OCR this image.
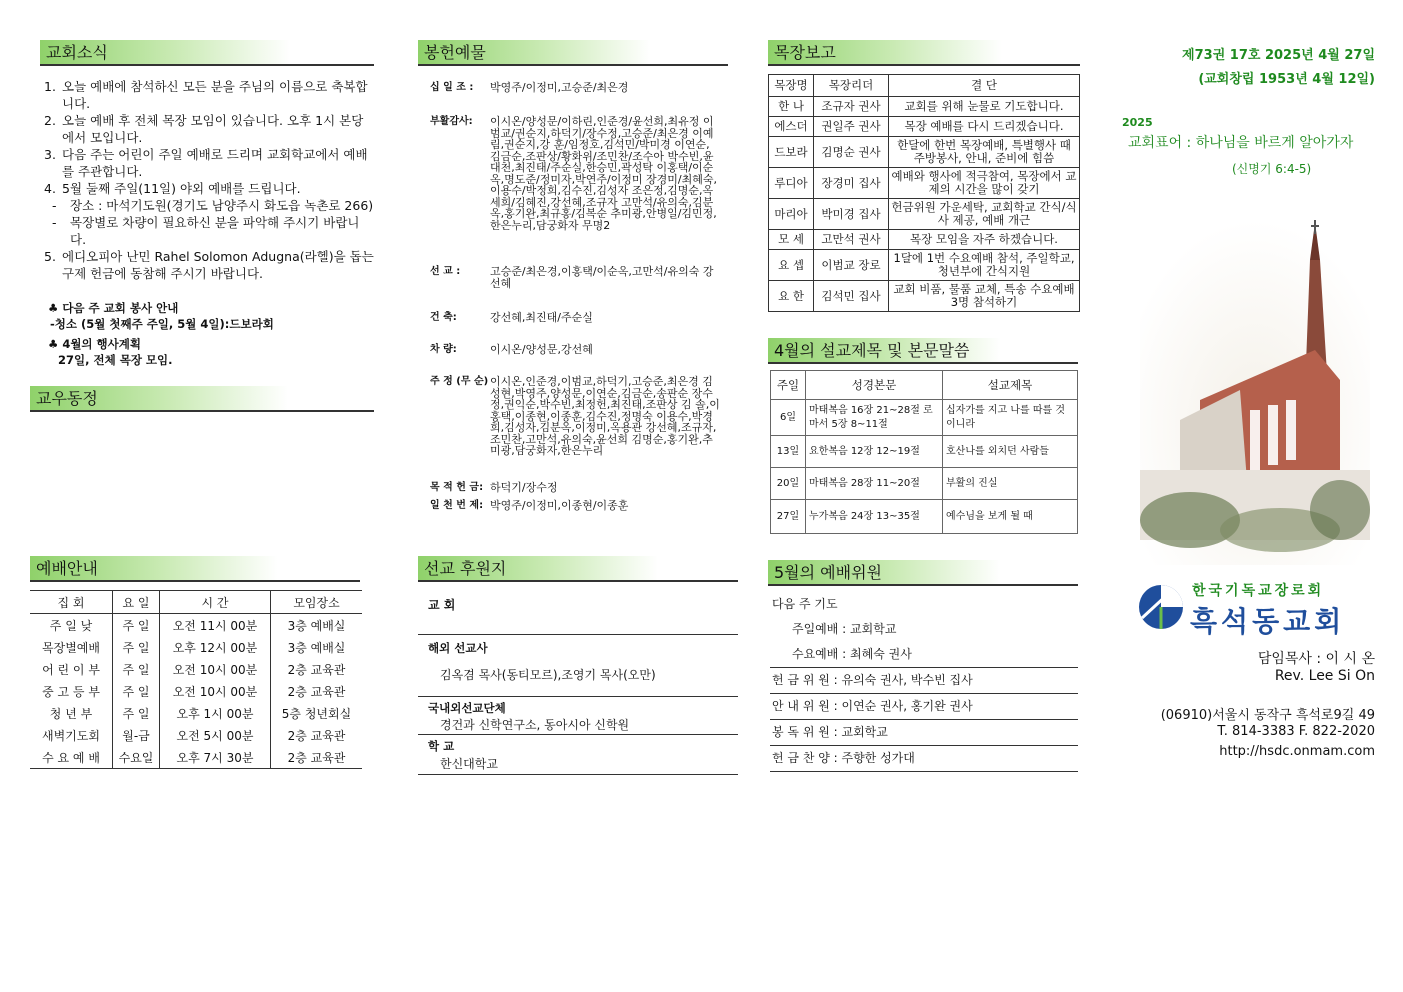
교회소식
1. 오늘 예배에 참석하신 모든 분을 주님의 이름으로 축복합니다.
2. 오늘 예배 후 전체 목장 모임이 있습니다. 오후 1시 본당에서 모입니다.
3. 다음 주는 어린이 주일 예배로 드리며 교회학교에서 예배를 주관합니다.
4. 5월 둘째 주일(11일) 야외 예배를 드립니다.
-	장소 : 마석기도원(경기도 남양주시 화도읍 녹촌로 266)
-	목장별로 차량이 필요하신 분을 파악해 주시기 바랍니다.
5. 에디오피아 난민 Rahel Solomon Adugna(라헬)을 돕는 구제 헌금에 동참해 주시기 바랍니다.
♣ 다음 주 교회 봉사 안내
-청소 (5월 첫째주 주일, 5월 4일):드보라회
♣ 4월의 행사계획
27일, 전체 목장 모임.
교우동정
예배안내
집 회	요 일	시 간	모임장소
주 일 낮	주 일	오전 11시 00분	3층 예배실
목장별예배	주 일	오후 12시 00분	3층 예배실
어 린 이 부	주 일	오전 10시 00분	2층 교육관
중 고 등 부	주 일	오전 10시 00분	2층 교육관
청 년 부	주 일	오후 1시 00분	5층 청년회실
새벽기도회	월-금	오전 5시 00분	2층 교육관
수 요 예 배	수요일	오후 7시 30분	2층 교육관
봉헌예물
십 일 조 :	박영주/이정미,고승준/최은경
부활감사:	이시온/양성문/이하린,인준경/윤선희,최유정 이범교/권순지,하덕기/장수정,고승준/최은경 이예림,권순지,강 훈/임정호,김석민/박미경 이연순,김금순,조판상/황화위/조민찬/조수아 박수빈,윤대천,최진태/주순실,한승민,곽성탁 이홍택/이순옥,명도준/정미자,박연주/이정미 장경미/최혜숙,이용수/박정희,김수진,김성자 조은정,김명순,옥세희/김혜진,강선혜,조규자 고만석/유의숙,김분옥,홍기완,최규홍/김복순 추미광,안병일/김민정,한은누리,담궁화자 무명2
선 교 :	고승준/최은경,이홍택/이순옥,고만석/유의숙 강선혜
건 축:	강선혜,최진태/주순실
차 량:	이시온/양성문,강선혜
주 정 (무 순) 이시온,인준경,이범교,하덕기,고승준,최은경 김성현,박영주,양성문,이연순,김금순,송판순 장수정,권익순,박수빈,최정헌,최진태,조판상 김 솔,이홍택,이종현,이종훈,김수진,정명숙 이용수,박경희,김성자,김분옥,이정미,옥용관 강선혜,조규자,조민찬,고만석,유의숙,윤선희 김명순,홍기완,추미광,담궁화자,한은누리
목 적 헌 금: 하덕기/장수정
일 천 번 제: 박영주/이정미,이종현/이종훈
선교 후원지
교 회
해외 선교사
김옥겸 목사(동티모르),조영기 목사(오만)
국내외선교단체
경건과 신학연구소, 동아시아 신학원
학 교
한신대학교
목장보고
목장명	목장리더	결 단
한 나	조규자 권사	교회를 위해 눈물로 기도합니다.
에스더	권일주 권사	목장 예배를 다시 드리겠습니다.
드보라	김명순 권사	한달에 한번 목장예배, 특별행사 때 주방봉사, 안내, 준비에 힘씀
루디아	장경미 집사	예배와 행사에 적극참여, 목장에서 교제의 시간을 많이 갖기
마리아	박미경 집사	헌금위원 가운세탁, 교회학교 간식/식사 제공, 예배 개근
모 세	고만석 권사	목장 모임을 자주 하겠습니다.
요 셉	이범교 장로	1달에 1번 수요예배 참석, 주일학교, 청년부에 간식지원
요 한	김석민 집사	교회 비품, 물품 교체, 특송 수요예배 3명 참석하기
4월의 설교제목 및 본문말씀
주일	성경본문	설교제목
6일	마태복음 16장 21~28절 로마서 5장 8~11절	십자가를 지고 나를 따를 것이니라
13일	요한복음 12장 12~19절	호산나를 외치던 사람들
20일	마태복음 28장 11~20절	부활의 진실
27일	누가복음 24장 13~35절	예수님을 보게 될 때
5월의 예배위원
다음 주 기도
주일예배 : 교회학교
수요예배 : 최혜숙 권사
헌 금 위 원 : 유의숙 권사, 박수빈 집사
안 내 위 원 : 이연순 권사, 홍기완 권사
봉 독 위 원 : 교회학교
헌 금 찬 양 : 주향한 성가대
제73권 17호 2025년 4월 27일
(교회창립 1953년 4월 12일)
2025
교회표어 : 하나님을 바르게 알아가자
(신명기 6:4-5)
한국기독교장로회
흑석동교회
담임목사 : 이 시 온
Rev. Lee Si On
(06910)서울시 동작구 흑석로9길 49
T. 814-3383 F. 822-2020
http://hsdc.onmam.com
